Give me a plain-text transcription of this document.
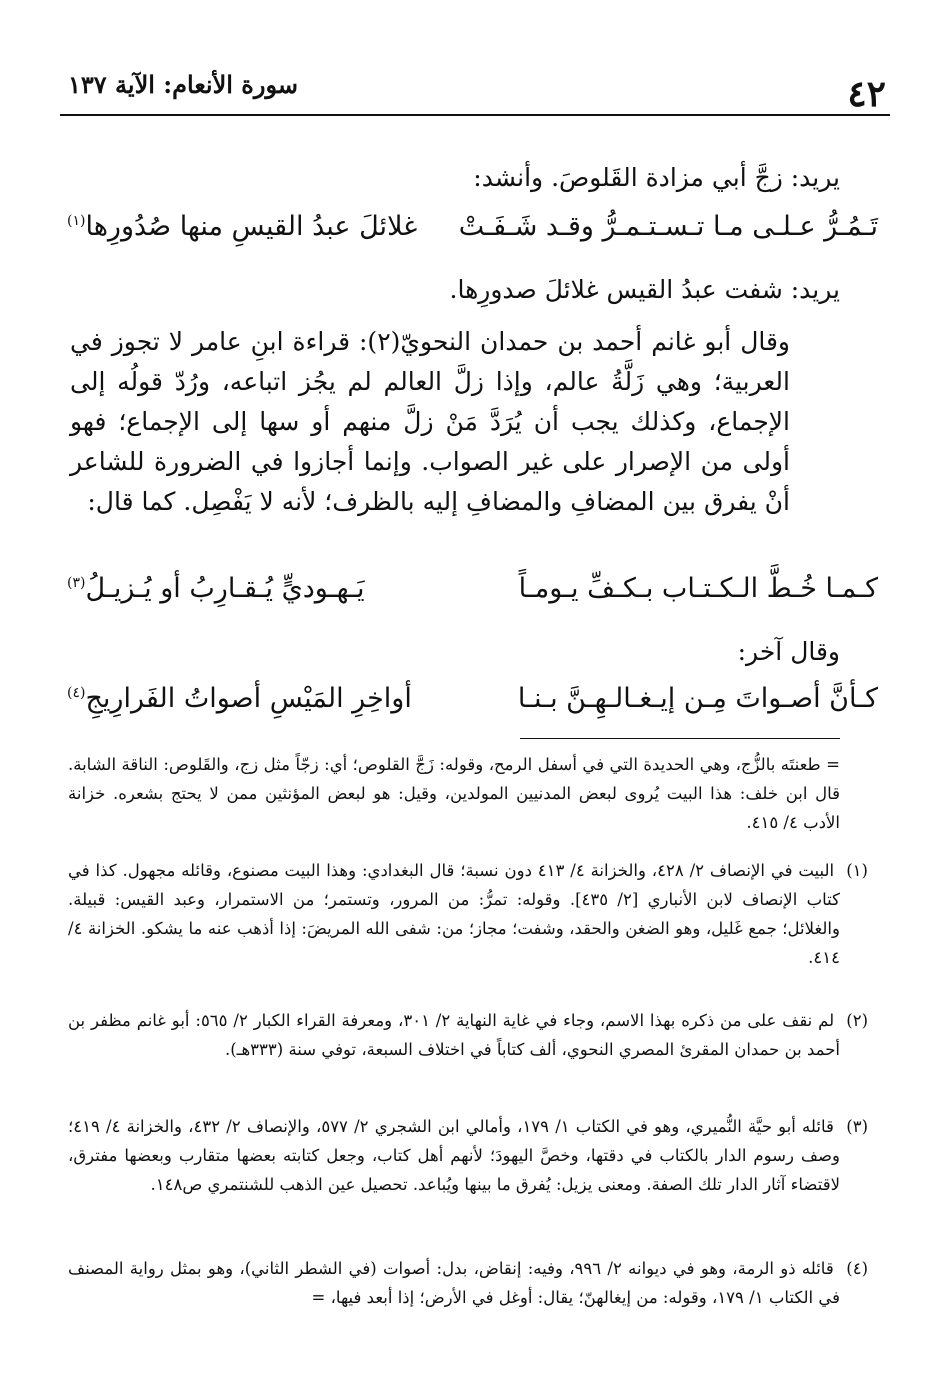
٤٢
سورة الأنعام: الآية ١٣٧
يريد: زجَّ أبي مزادة القَلوصَ. وأنشد:
تَـمُـرُّ عـلـى مـا تـسـتـمـرُّ وقـد شَـفَـتْ
غلائلَ عبدُ القيسِ منها صُدُورِها$^{(١)}$
يريد: شفت عبدُ القيس غلائلَ صدورِها.
وقال أبو غانم أحمد بن حمدان النحويّ(٢): قراءة ابنِ عامر لا تجوز في العربية؛ وهي زَلَّةُ عالم، وإذا زلَّ العالم لم يجُز اتباعه، ورُدّ قولُه إلى الإجماع، وكذلك يجب أن يُرَدَّ مَنْ زلَّ منهم أو سها إلى الإجماع؛ فهو أولى من الإصرار على غير الصواب. وإنما أجازوا في الضرورة للشاعر أنْ يفرق بين المضافِ والمضافِ إليه بالظرف؛ لأنه لا يَفْصِل. كما قال:
كـمـا خُـطَّ الـكـتـاب بـكـفِّ يـومـاً
يَـهـوديٍّ يُـقـارِبُ أو يُـزيـلُ$^{(٣)}$
وقال آخر:
كـأنَّ أصـواتَ مِـن إيـغـالـهِـنَّ بـنـا
أواخِرِ المَيْسِ أصواتُ الفَرارِيجِ$^{(٤)}$
= طعنتَه بالزُّج، وهي الحديدة التي في أسفل الرمح، وقوله: زَجَّ القلوص؛ أي: زجّاً مثل زج، والقَلوص: الناقة الشابة. قال ابن خلف: هذا البيت يُروى لبعض المدنيين المولدين، وقيل: هو لبعض المؤنثين ممن لا يحتج بشعره. خزانة الأدب ٤/ ٤١٥.
(١) البيت في الإنصاف ٢/ ٤٢٨، والخزانة ٤/ ٤١٣ دون نسبة؛ قال البغدادي: وهذا البيت مصنوع، وقائله مجهول. كذا في كتاب الإنصاف لابن الأنباري [٢/ ٤٣٥]. وقوله: تمرُّ: من المرور، وتستمر؛ من الاستمرار، وعبد القيس: قبيلة. والغلائل؛ جمع غَليل، وهو الضغن والحقد، وشفت؛ مجاز؛ من: شفى الله المريضَ: إذا أذهب عنه ما يشكو. الخزانة ٤/ ٤١٤.
(٢) لم نقف على من ذكره بهذا الاسم، وجاء في غاية النهاية ٢/ ٣٠١، ومعرفة القراء الكبار ٢/ ٥٦٥: أبو غانم مظفر بن أحمد بن حمدان المقرئ المصري النحوي، ألف كتاباً في اختلاف السبعة، توفي سنة (٣٣٣هـ).
(٣) قائله أبو حيَّة النُّميري، وهو في الكتاب ١/ ١٧٩، وأمالي ابن الشجري ٢/ ٥٧٧، والإنصاف ٢/ ٤٣٢، والخزانة ٤/ ٤١٩؛ وصف رسوم الدار بالكتاب في دقتها، وخصَّ اليهودَ؛ لأنهم أهل كتاب، وجعل كتابته بعضها متقارب وبعضها مفترق، لاقتضاء آثار الدار تلك الصفة. ومعنى يزيل: يُفرق ما بينها ويُباعد. تحصيل عين الذهب للشنتمري ص١٤٨.
(٤) قائله ذو الرمة، وهو في ديوانه ٢/ ٩٩٦، وفيه: إنقاض، بدل: أصوات (في الشطر الثاني)، وهو بمثل رواية المصنف في الكتاب ١/ ١٧٩، وقوله: من إيغالهنّ؛ يقال: أوغل في الأرض؛ إذا أبعد فيها، =
